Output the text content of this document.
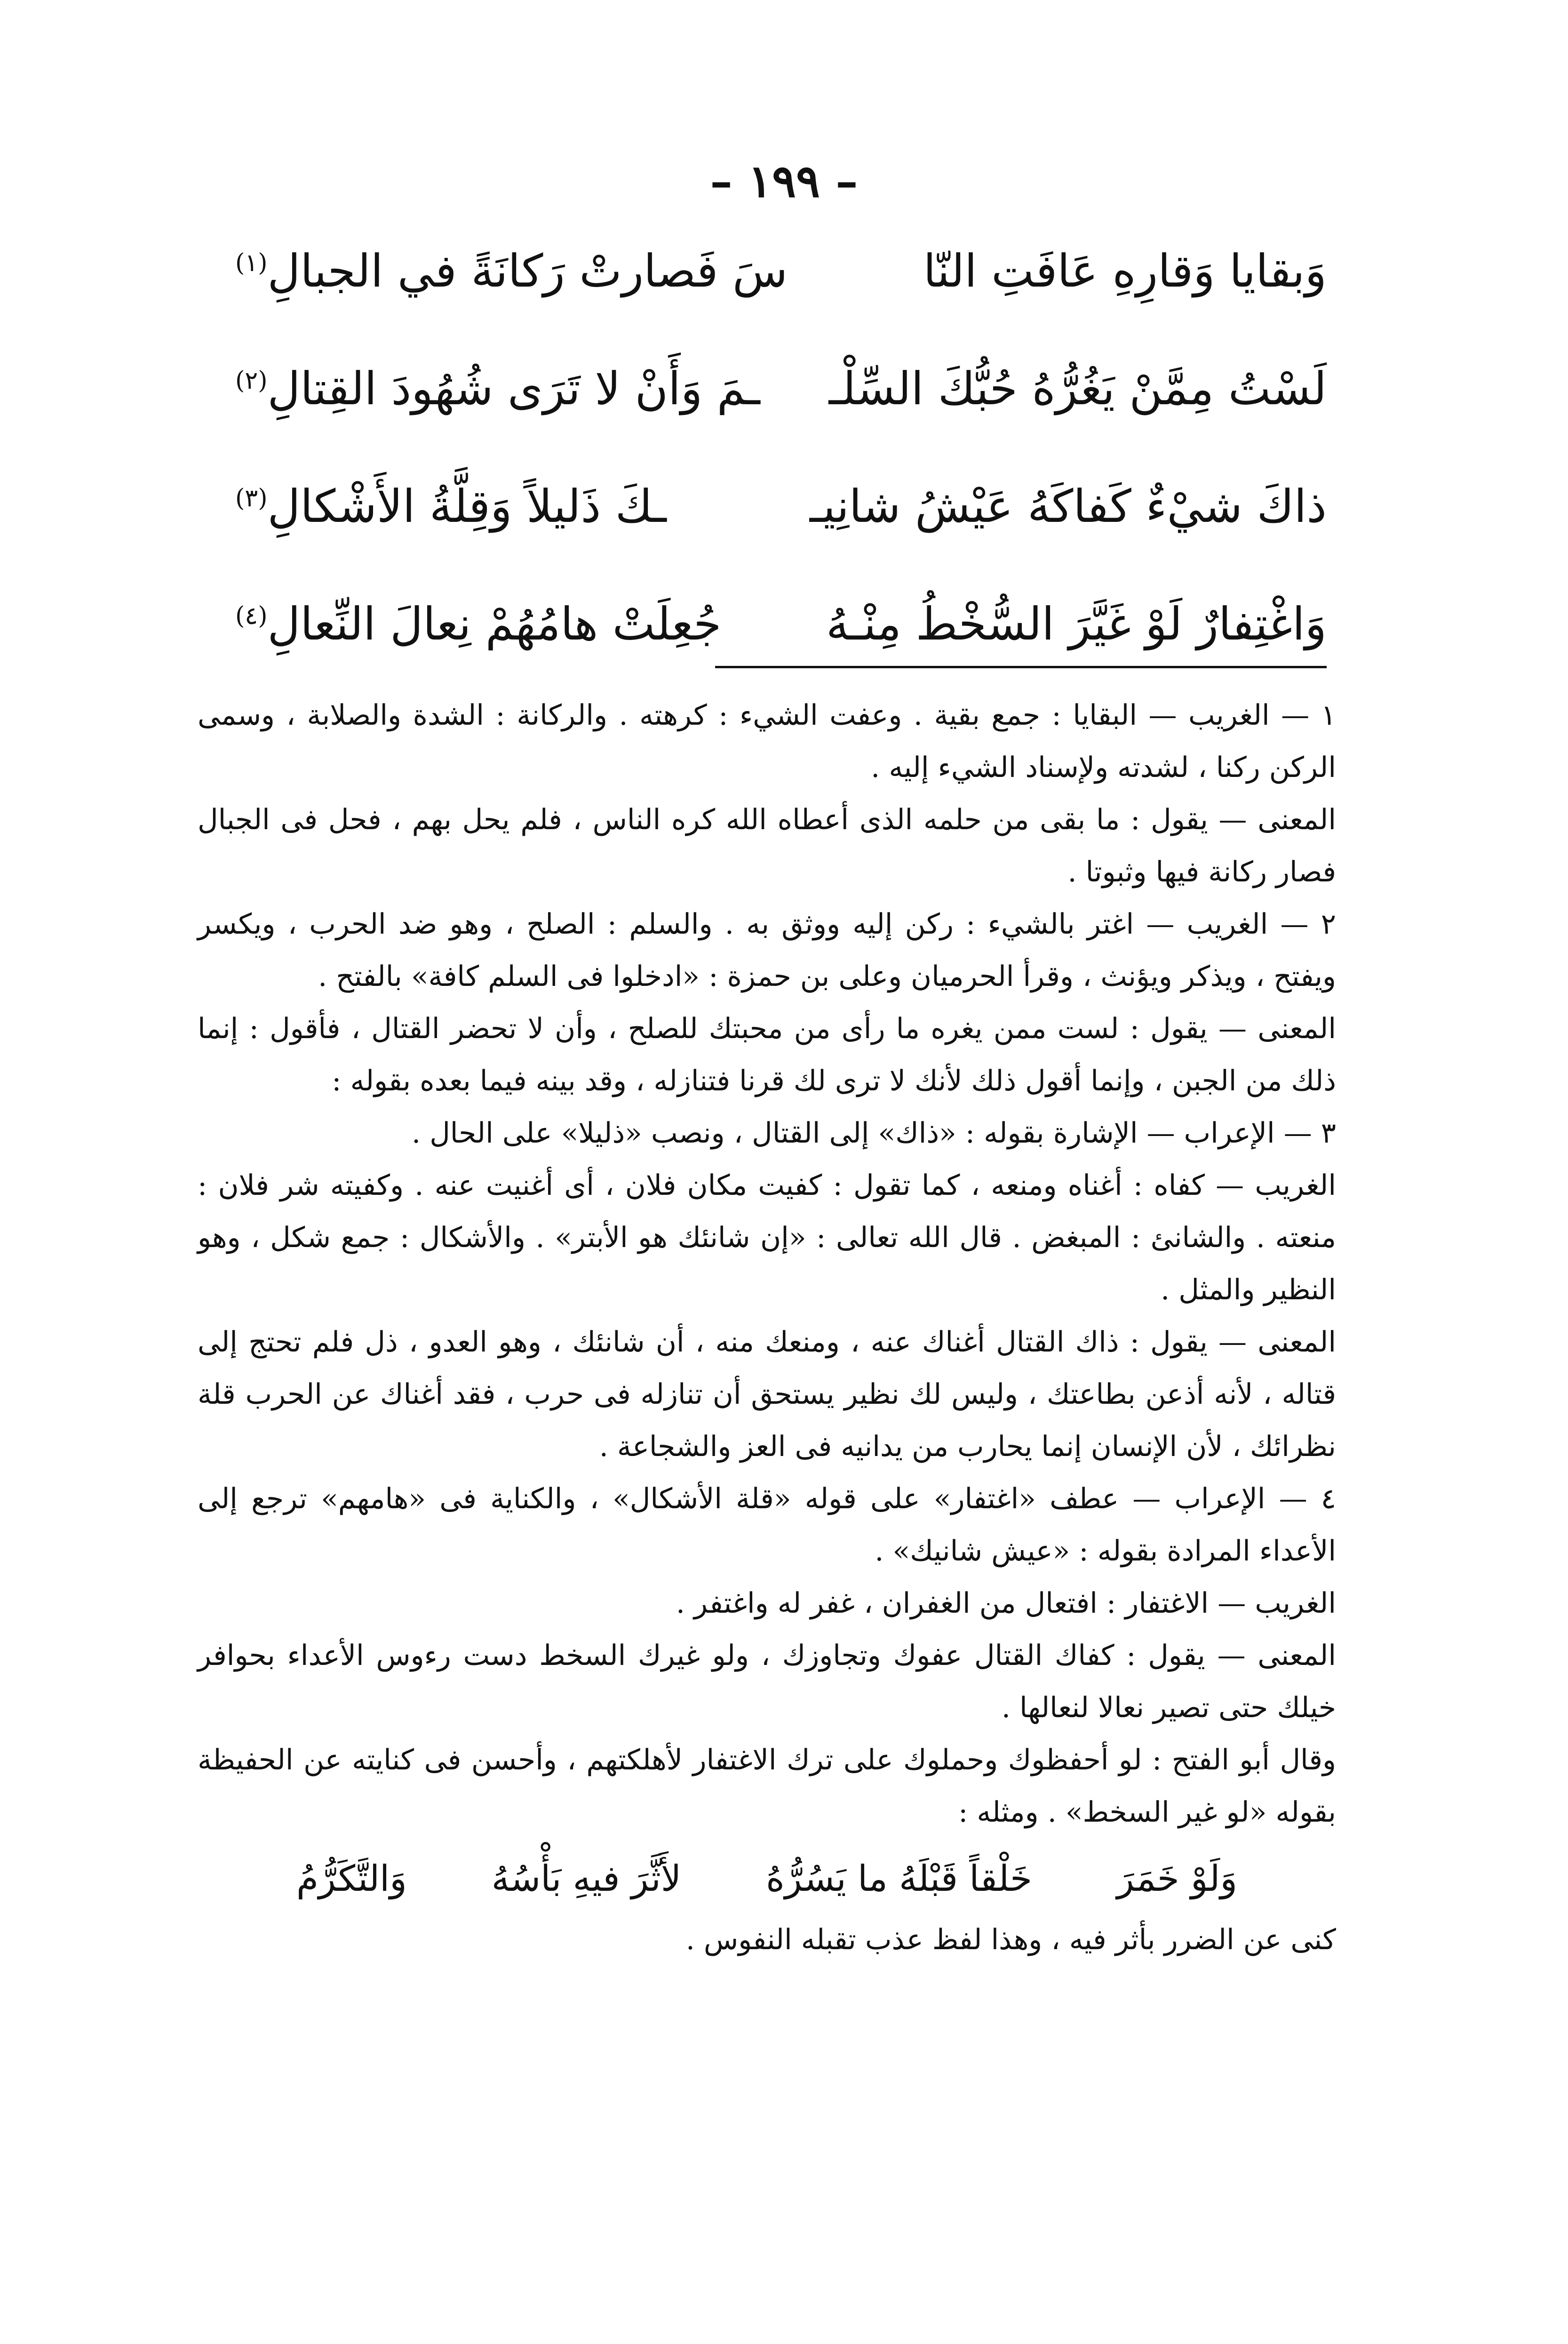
– ١٩٩ –
وَبقايا وَقارِهِ عَافَتِ النّا
سَ فَصارتْ رَكانَةً في الجبالِ$^{(١)}$
لَسْتُ مِمَّنْ يَغُرُّهُ حُبُّكَ السِّلْـ
ـمَ وَأَنْ لا تَرَى شُهُودَ القِتالِ$^{(٢)}$
ذاكَ شيْءٌ كَفاكَهُ عَيْشُ شانِيـ
ـكَ ذَليلاً وَقِلَّةُ الأَشْكالِ$^{(٣)}$
وَاغْتِفارٌ لَوْ غَيَّرَ السُّخْطُ مِنْـهُ
جُعِلَتْ هامُهُمْ نِعالَ النِّعالِ$^{(٤)}$

١ — الغريب — البقايا : جمع بقية . وعفت الشيء : كرهته . والركانة : الشدة والصلابة ، وسمى الركن ركنا ، لشدته ولإسناد الشيء إليه .

المعنى — يقول : ما بقى من حلمه الذى أعطاه الله كره الناس ، فلم يحل بهم ، فحل فى الجبال فصار ركانة فيها وثبوتا .

٢ — الغريب — اغتر بالشيء : ركن إليه ووثق به . والسلم : الصلح ، وهو ضد الحرب ، ويكسر ويفتح ، ويذكر ويؤنث ، وقرأ الحرميان وعلى بن حمزة : «ادخلوا فى السلم كافة» بالفتح .

المعنى — يقول : لست ممن يغره ما رأى من محبتك للصلح ، وأن لا تحضر القتال ، فأقول : إنما ذلك من الجبن ، وإنما أقول ذلك لأنك لا ترى لك قرنا فتنازله ، وقد بينه فيما بعده بقوله :

٣ — الإعراب — الإشارة بقوله : «ذاك» إلى القتال ، ونصب «ذليلا» على الحال .

الغريب — كفاه : أغناه ومنعه ، كما تقول : كفيت مكان فلان ، أى أغنيت عنه . وكفيته شر فلان : منعته . والشانئ : المبغض . قال الله تعالى : «إن شانئك هو الأبتر» . والأشكال : جمع شكل ، وهو النظير والمثل .

المعنى — يقول : ذاك القتال أغناك عنه ، ومنعك منه ، أن شانئك ، وهو العدو ، ذل فلم تحتج إلى قتاله ، لأنه أذعن بطاعتك ، وليس لك نظير يستحق أن تنازله فى حرب ، فقد أغناك عن الحرب قلة نظرائك ، لأن الإنسان إنما يحارب من يدانيه فى العز والشجاعة .

٤ — الإعراب — عطف «اغتفار» على قوله «قلة الأشكال» ، والكناية فى «هامهم» ترجع إلى الأعداء المرادة بقوله : «عيش شانيك» .

الغريب — الاغتفار : افتعال من الغفران ، غفر له واغتفر .

المعنى — يقول : كفاك القتال عفوك وتجاوزك ، ولو غيرك السخط دست رءوس الأعداء بحوافر خيلك حتى تصير نعالا لنعالها .

وقال أبو الفتح : لو أحفظوك وحملوك على ترك الاغتفار لأهلكتهم ، وأحسن فى كنايته عن الحفيظة بقوله «لو غير السخط» . ومثله :

وَلَوْ خَمَرَ
خَلْقاً قَبْلَهُ ما يَسُرُّهُ
لأَثَّرَ فيهِ بَأْسُهُ
وَالتَّكَرُّمُ

كنى عن الضرر بأثر فيه ، وهذا لفظ عذب تقبله النفوس .
